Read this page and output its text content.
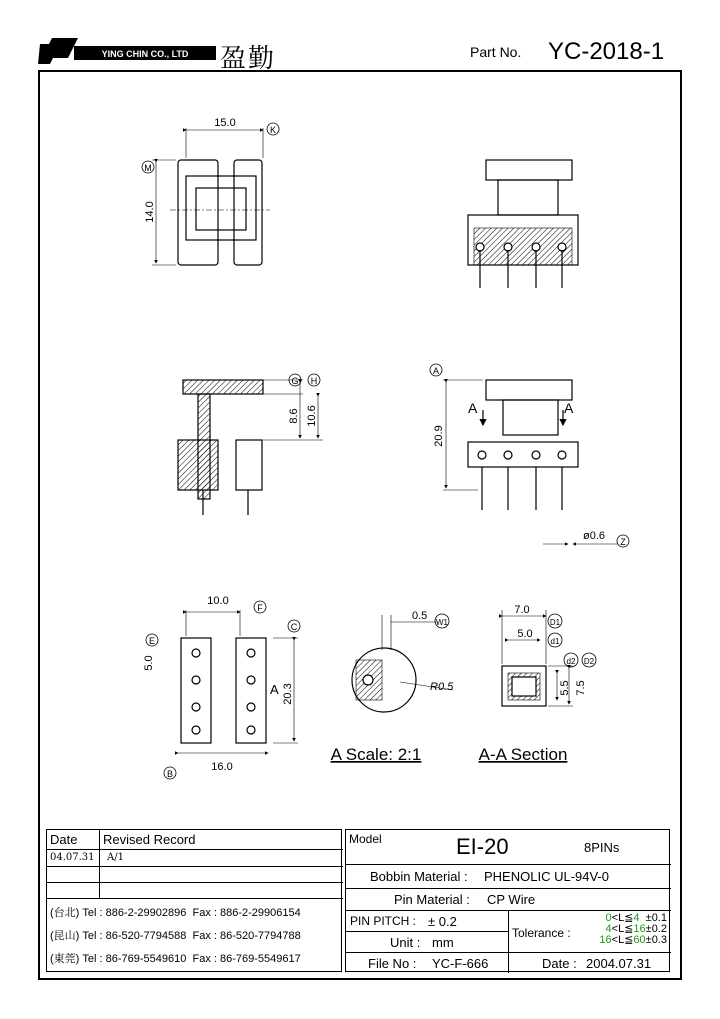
YING CHIN CO., LTD 盈勤	Part No. YC-2018-1
15.0
K
14.0
M
8.6 10.6
G H
20.9
A
A	A
ø0.6 Z
10.0
F
5.0
E
C
20.3
A
16.0
B
0.5
W1
R0.5
A Scale: 2:1
7.0
5.0
D1
d1
d2 D2
5.5 7.5
A-A Section
Date Revised Record
04.07.31 A/1
(台北) Tel : 886-2-29902896 Fax : 886-2-29906154
(昆山) Tel : 86-520-7794588 Fax : 86-520-7794788
(東莞) Tel : 86-769-5549610 Fax : 86-769-5549617
Model	EI-20	8PINs
Bobbin Material : PHENOLIC UL-94V-0
Pin Material : CP Wire
PIN PITCH : ± 0.2
Unit : mm
File No : YC-F-666
Tolerance :
0<L≦4 ±0.1
4<L≦16±0.2
16<L≦60±0.3
Date : 2004.07.31
